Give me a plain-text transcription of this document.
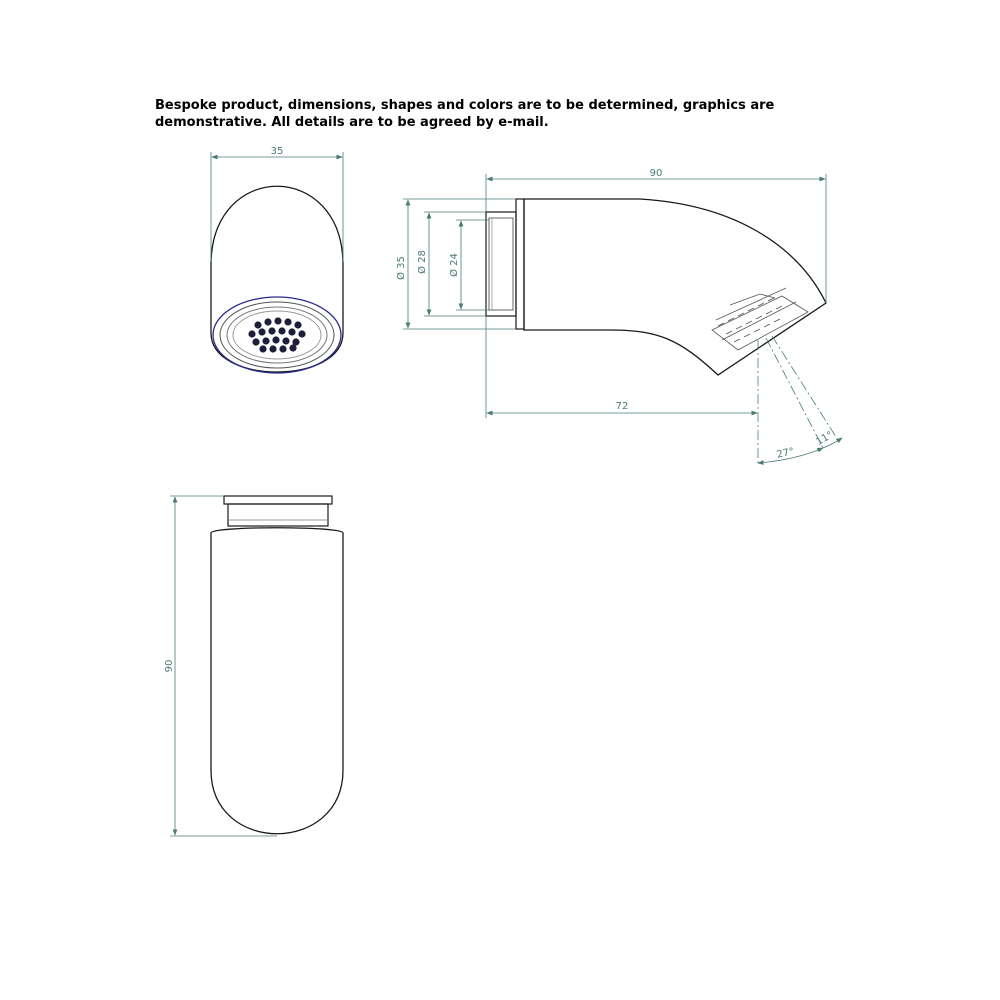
Bespoke product, dimensions, shapes and colors are to be determined, graphics are
demonstrative. All details are to be agreed by e-mail.
35
90
72
Ø 35 Ø 28 Ø 24
27°
11°
90
